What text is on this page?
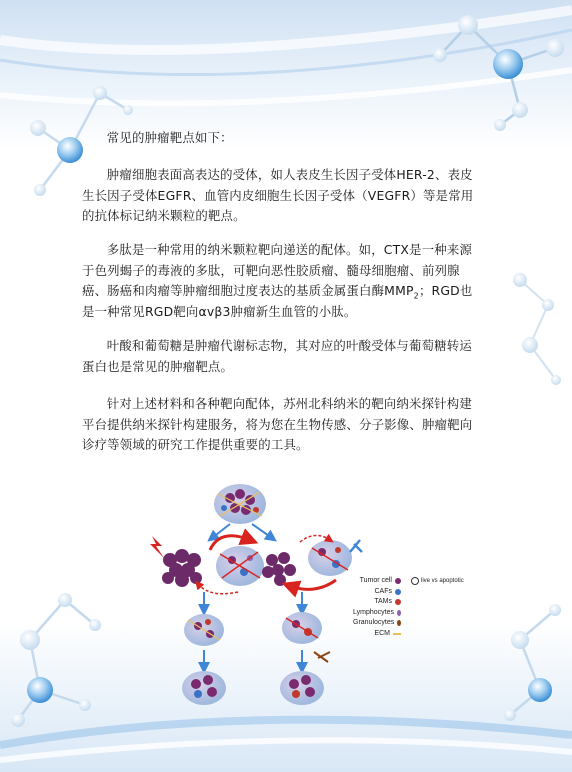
常见的肿瘤靶点如下：

肿瘤细胞表面高表达的受体，如人表皮生长因子受体HER-2、表皮生长因子受体EGFR、血管内皮细胞生长因子受体（VEGFR）等是常用的抗体标记纳米颗粒的靶点。

多肽是一种常用的纳米颗粒靶向递送的配体。如，CTX是一种来源于色列蝎子的毒液的多肽，可靶向恶性胶质瘤、髓母细胞瘤、前列腺癌、肠癌和肉瘤等肿瘤细胞过度表达的基质金属蛋白酶$MMP_2$；RGD也是一种常见RGD靶向αvβ3肿瘤新生血管的小肽。

叶酸和葡萄糖是肿瘤代谢标志物，其对应的叶酸受体与葡萄糖转运蛋白也是常见的肿瘤靶点。

针对上述材料和各种靶向配体，苏州北科纳米的靶向纳米探针构建平台提供纳米探针构建服务，将为您在生物传感、分子影像、肿瘤靶向诊疗等领域的研究工作提供重要的工具。

live vs apoptotic
Tumor cell
CAFs
TAMs
Lymphocytes
Granulocytes
ECM
